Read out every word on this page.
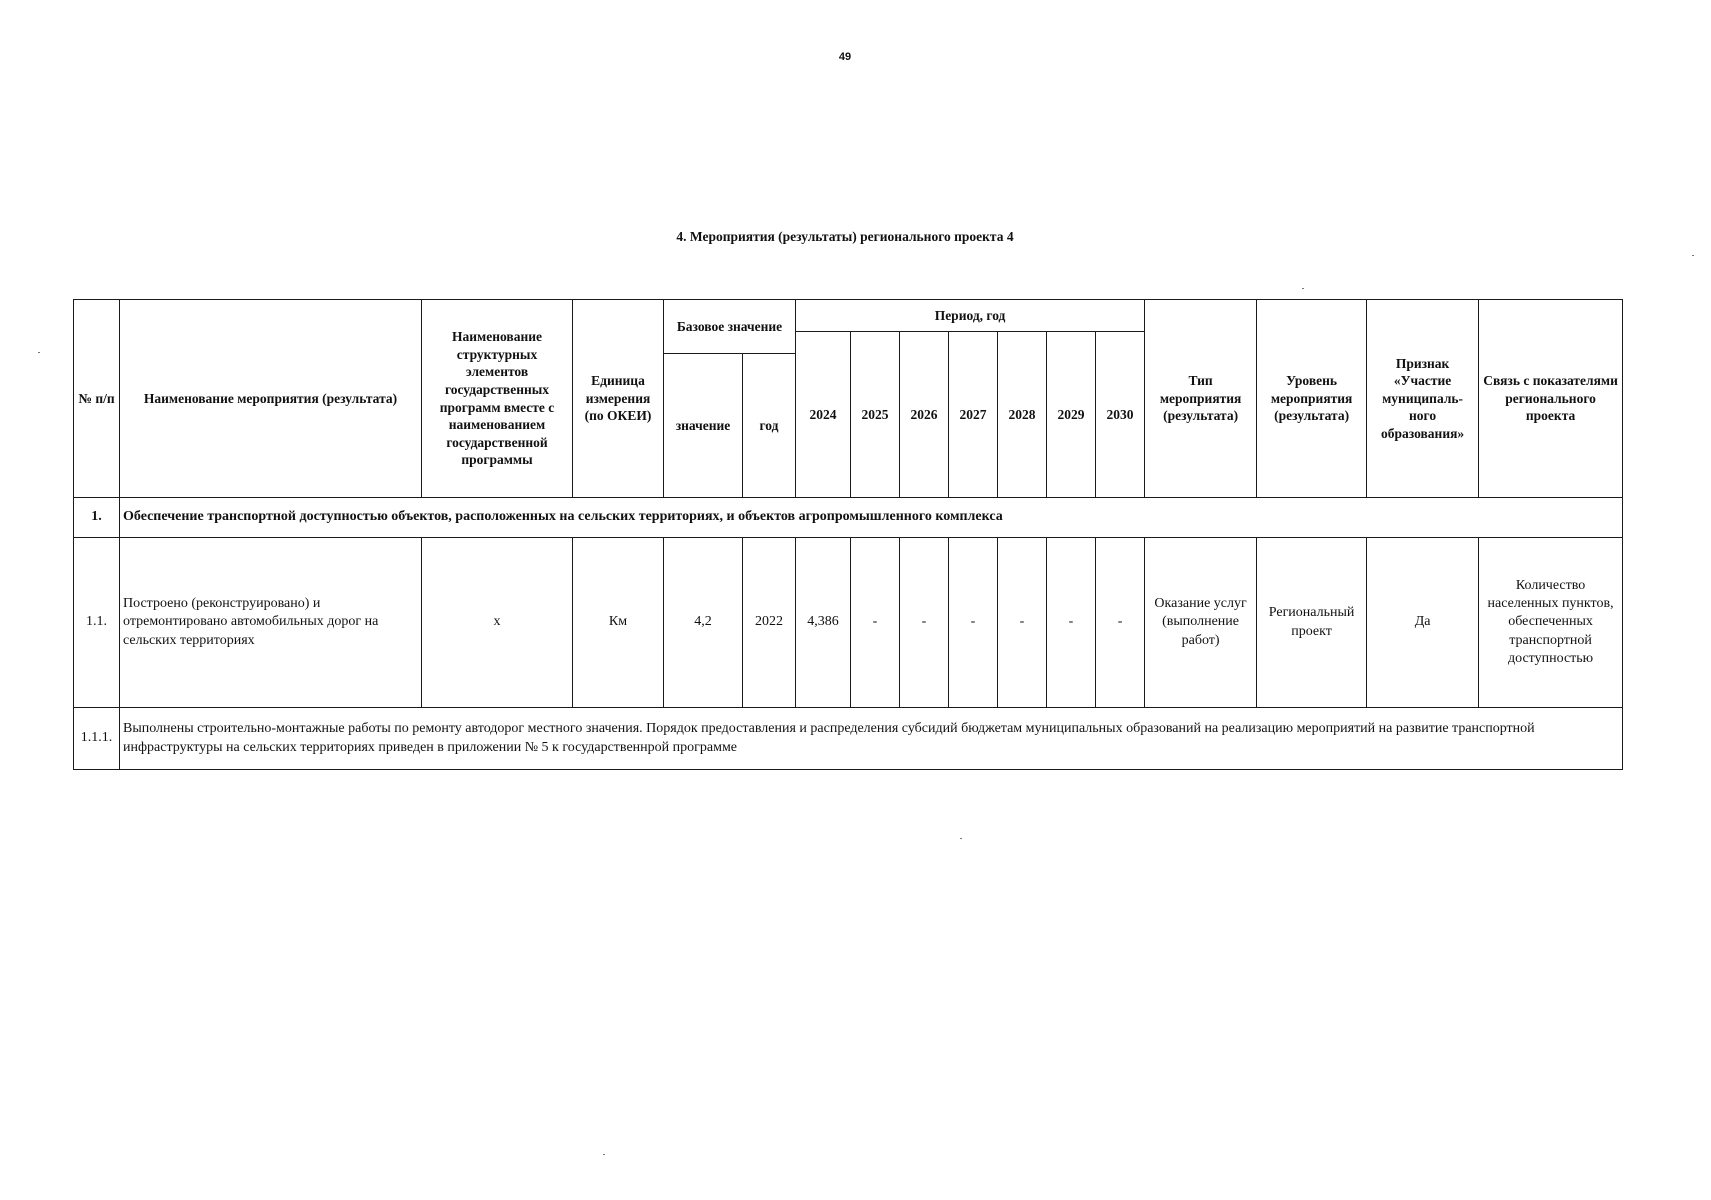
49
4. Мероприятия (результаты) регионального проекта 4
№ п/п	Наименование мероприятия (результата)	Наименование структурных элементов государственных программ вместе с наименованием государственной программы	Единица измерения (по ОКЕИ)	Базовое значение		Период, год							Тип мероприятия (результата)	Уровень мероприятия (результата)	Признак «Участие муниципаль-ного образования»	Связь с показателями регионального проекта
						2024	2025	2026	2027	2028	2029	2030				
				значение	год											
1.	Обеспечение транспортной доступностью объектов, расположенных на сельских территориях, и объектов агропромышленного комплекса															
1.1.	Построено (реконструировано) и отремонтировано автомобильных дорог на сельских территориях	х	Км	4,2	2022	4,386	-	-	-	-	-	-	Оказание услуг (выполнение работ)	Региональный проект	Да	Количество населенных пунктов, обеспеченных транспортной доступностью
1.1.1.	Выполнены строительно-монтажные работы по ремонту автодорог местного значения. Порядок предоставления и распределения субсидий бюджетам муниципальных образований на реализацию мероприятий на развитие транспортной инфраструктуры на сельских территориях приведен в приложении № 5 к государственнрой программе															
